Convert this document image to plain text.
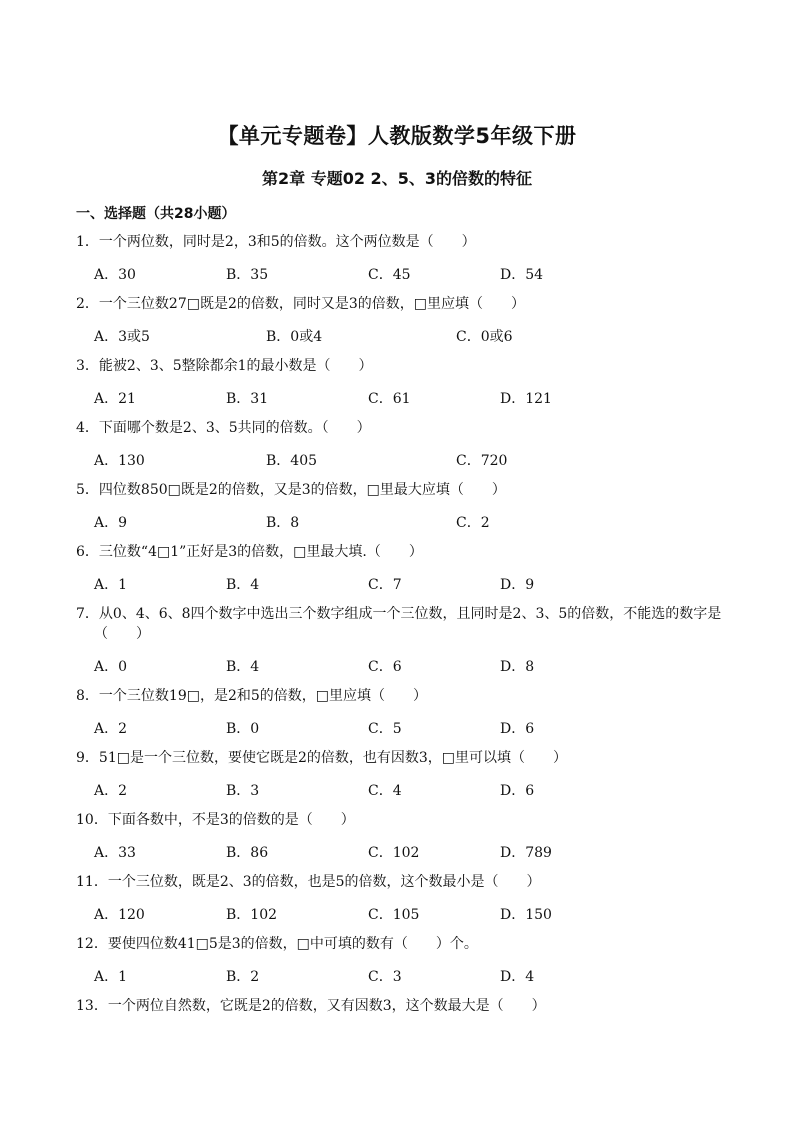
【单元专题卷】人教版数学5年级下册
第2章 专题02 2、5、3的倍数的特征
一、选择题（共28小题）
1．一个两位数，同时是2，3和5的倍数。这个两位数是（　　）
A．30	B．35	C．45	D．54
2．一个三位数27□既是2的倍数，同时又是3的倍数，□里应填（　　）
A．3或5	B．0或4	C．0或6
3．能被2、3、5整除都余1的最小数是（　　）
A．21	B．31	C．61	D．121
4．下面哪个数是2、3、5共同的倍数。（　　）
A．130	B．405	C．720
5．四位数850□既是2的倍数，又是3的倍数，□里最大应填（　　）
A．9	B．8	C．2
6．三位数“4□1”正好是3的倍数，□里最大填.（　　）
A．1	B．4	C．7	D．9
7．从0、4、6、8四个数字中选出三个数字组成一个三位数，且同时是2、3、5的倍数，不能选的数字是（　　）
A．0	B．4	C．6	D．8
8．一个三位数19□，是2和5的倍数，□里应填（　　）
A．2	B．0	C．5	D．6
9．51□是一个三位数，要使它既是2的倍数，也有因数3，□里可以填（　　）
A．2	B．3	C．4	D．6
10．下面各数中，不是3的倍数的是（　　）
A．33	B．86	C．102	D．789
11．一个三位数，既是2、3的倍数，也是5的倍数，这个数最小是（　　）
A．120	B．102	C．105	D．150
12．要使四位数41□5是3的倍数，□中可填的数有（　　）个。
A．1	B．2	C．3	D．4
13．一个两位自然数，它既是2的倍数，又有因数3，这个数最大是（　　）
